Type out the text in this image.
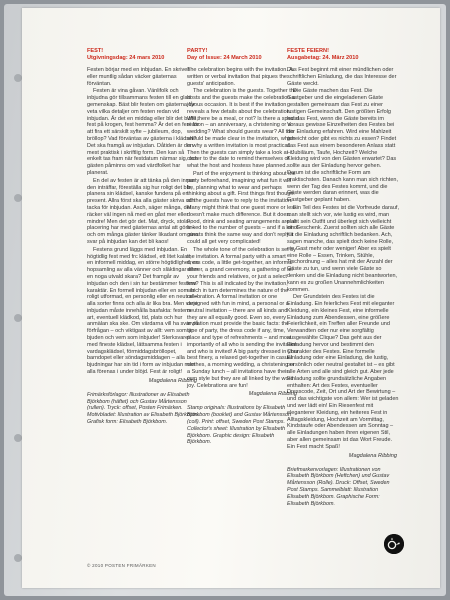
FEST!
Utgivningsdag: 24 mars 2010

Festen börjar med en inbjudan. En skriven eller muntlig sådan väcker gästernas förväntan.

Festen är vina gåvan. Vänlifolk och inbjudna gör tillsammans festen till en glad gemenskap. Bäst blir festen om gästerna får veta vilka detaljer om festen redan vid inbjudan. Är det en middag eller blir det buffé, fest på krogen, fest hemma? Är det en fest för att fira ett särskilt syfte – jubileum, dop, bröllop? Vad förväntas av gästerna i klädsel? Det ska framgå av inbjudan. Dåtiden är den mest praktisk i skriftlig form. Den kan så enkelt tas fram när festdatum närmar sig, och gästen påminns om vad värdfolket har planerat.

En del av festen är att tänka på den innan den inträffar, föreställa sig hur roligt det blir, planera sin klädsel, kanske fundera på en present. Allra först ska alla gäster skriva och tacka för inbjudan. Asch, säger många, det räcker väl ingen nå med en gåst mer eller mindre! Men det gör det. Mat, dryck, stolar, placering har med gästernas antal att göra – och om många gäster tänker likadant om sina svar på inbjudan kan det bli kaos!

Festens grund läggs med inbjudan. En högtidlig fest med frc klädsel, ett litet kalas, en informell middag, en större högtidlighet, en hopsamling av alla vänner och släktingar eller en noga utvald skara? Det framgår av inbjudan och den i sin tur bestämmer festens karaktär. En formell inbjudan eller en som är roligt utformad, en personlig eller en neutral – alla sorter finns och alla är lika bra. Men varje inbjudan måste innehålla basfakta: festens art, eventuell klädkod, tid, plats och hur anmälan ska ske. Om värdarna vill ha svar på förfrågan – och viktigast av allt: vem som är bjuden och vem som inbjuder! Sterksvaret med fineste klädsel, lättsamma festen i vardagsklädsel, förmiddagsbröllopet, barndopet eller söndagsmiddagen – alla bjudningar har sin tid i form av inbjudan men alla förenas i under blöjd. Fest är roligt!

Magdalena Ribbing
Frimärksförlagor: Illustrationer av Elisabeth Björkbom (häftet) och Gustav Mårtensson (rullen). Tryck: offset, Posten Frimärken. Motivbladet: Illustration av Elisabeth Björkbom. Grafisk form: Elisabeth Björkbom.
PARTY!
Day of Issue: 24 March 2010

The celebration begins with the invitation. A written or verbal invitation that piques the guests' anticipation.

The celebration is the guests. Together the hosts and the guests make the celebration a joyous occasion. It is best if the invitation reveals a few details about the celebration. Will there be a meal, or not? Is there a special reason – an anniversary, a christening or a wedding? What should guests wear? All this should be made clear in the invitation, which is why a written invitation is most practical. Then the guests can simply take a look at it closer to the date to remind themselves of what the host and hostess have planned.

Part of the enjoyment is thinking about the party beforehand, imagining what fun it will be, planning what to wear and perhaps thinking about a gift. First things first though: all the guests have to reply to the invitation. Many might think that one guest more or less doesn't make much difference. But it does. Food, drink and seating arrangements are all linked to the number of guests – and if a lot of guests think the same way and don't reply it could all get very complicated!

The whole tone of the celebration is set by the invitation. A formal party with a smart dress code, a little get-together, an informal dinner, a grand ceremony, a gathering of all your friends and relatives, or just a select few? This is all indicated by the invitation, which in turn determines the nature of the celebration. A formal invitation or one designed with fun in mind, a personal or a neutral invitation – there are all kinds and they are all equally good. Even so, every invitation must provide the basic facts: the type of party, the dress code if any, time, place and type of refreshments – and most importantly of all who is sending the invitation and who is invited! A big party dressed in your best finery, a relaxed get-together in casual clothes, a morning wedding, a christening or a Sunday lunch – all invitations have their own style but they are all linked by the word joy. Celebrations are fun!

Magdalena Ribbing
Stamp originals: Illustrations by Elisabeth Björkbom (booklet) and Gustav Mårtensson (coil). Print: offset, Sweden Post Stamps. Collector's sheet: Illustration by Elisabeth Björkbom. Graphic design: Elisabeth Björkbom.
FESTE FEIERN!
Ausgabetag: 24. März 2010

Das Fest beginnt mit einer mündlichen oder schriftlichen Einladung, die das Interesse der Gäste weckt.

Die Gäste machen das Fest. Die Gastgeber und die eingeladenen Gäste gestalten gemeinsam das Fest zu einer lustigen Gemeinschaft. Den größten Erfolg hat das Fest, wenn die Gäste bereits im Voraus gewisse Einzelheiten des Festes bei der Einladung erfahren. Wird eine Mahlzeit gereicht oder gibt es nichts zu essen? Findet das Fest aus einem besonderen Anlass statt – Jubiläum, Taufe, Hochzeit? Welche Kleidung wird von den Gästen erwartet? Das sollte aus der Einladung hervor gehen. Darum ist die schriftliche Form am praktischsten. Danach kann man sich richten, wenn der Tag des Festes kommt, und die Gäste werden daran erinnert, was die Gastgeber geplant haben.

Ein Teil des Festes ist die Vorfreude darauf, man stellt sich vor, wie lustig es wird, man plant sein Outfit und überlegt sich vielleicht ein Geschenk. Zuerst sollten sich alle Gäste für die Einladung schriftlich bedanken. Ach, sagen manche, das spielt doch keine Rolle, ein Gast mehr oder weniger! Aber es spielt eine Rolle – Essen, Trinken, Stühle, Tischordnung – alles hat mit der Anzahl der Gäste zu tun, und wenn viele Gäste so denken und die Einladung nicht beantworten, kann es zu großen Unannehmlichkeiten kommen.

Der Grundstein des Festes ist die Einladung. Ein feierliches Fest mit eleganter Kleidung, ein kleines Fest, eine informelle Einladung zum Abendessen, eine größere Feierlichkeit, ein Treffen aller Freunde und Verwandten oder nur eine sorgfältig ausgewählte Clique? Das geht aus der Einladung hervor und bestimmt den Charakter des Festes. Eine formelle Einladung oder eine Einladung, die lustig, persönlich oder neutral gestaltet ist – es gibt alle Arten und alle sind gleich gut. Aber jede Einladung sollte grundsätzliche Angaben enthalten: Art des Festes, eventueller Dresscode, Zeit, Ort und Art der Bewirtung – und das wichtigste von allem: Wer ist geladen und wer lädt ein! Ein Riesenfest mit eleganterer Kleidung, ein heiteres Fest in Alltagskleidung, Hochzeit am Vormittag, Kindstaufe oder Abendessen am Sonntag – alle Einladungen haben ihren eigenen Stil, aber allen gemeinsam ist das Wort Freude. Ein Fest macht Spaß!

Magdalena Ribbing
Briefmarkenvorlagen: Illustrationen von Elisabeth Björkbom (Heftchen) und Gustav Mårtensson (Rolle). Druck: Offset, Sweden Post Stamps. Sammelblatt: Illustration Elisabeth Björkbom. Graphische Form: Elisabeth Björkbom.
© 2010 POSTEN FRIMÄRKEN
